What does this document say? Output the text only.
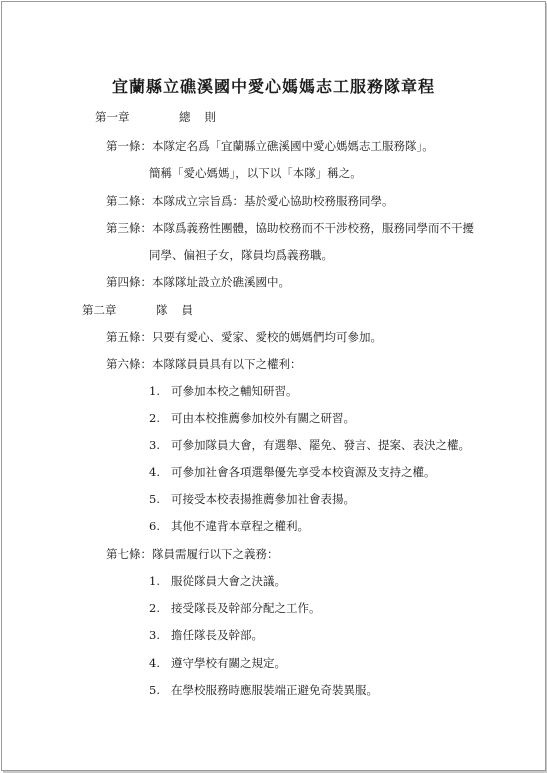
宜蘭縣立礁溪國中愛心媽媽志工服務隊章程
第一章	總則
第一條：本隊定名爲「宜蘭縣立礁溪國中愛心媽媽志工服務隊」。
簡稱「愛心媽媽」，以下以「本隊」稱之。
第二條：本隊成立宗旨爲：基於愛心協助校務服務同學。
第三條：本隊爲義務性團體，協助校務而不干涉校務，服務同學而不干擾
同學、偏袒子女，隊員均爲義務職。
第四條：本隊隊址設立於礁溪國中。
第二章	隊員
第五條：只要有愛心、愛家、愛校的媽媽們均可參加。
第六條：本隊隊員員具有以下之權利：
1. 可參加本校之輔知研習。
2. 可由本校推薦參加校外有關之研習。
3. 可參加隊員大會，有選舉、罷免、發言、提案、表決之權。
4. 可參加社會各項選舉優先享受本校資源及支持之權。
5. 可接受本校表揚推薦參加社會表揚。
6. 其他不違背本章程之權利。
第七條：隊員需履行以下之義務：
1. 服從隊員大會之決議。
2. 接受隊長及幹部分配之工作。
3. 擔任隊長及幹部。
4. 遵守學校有關之規定。
5. 在學校服務時應服裝端正避免奇裝異服。
